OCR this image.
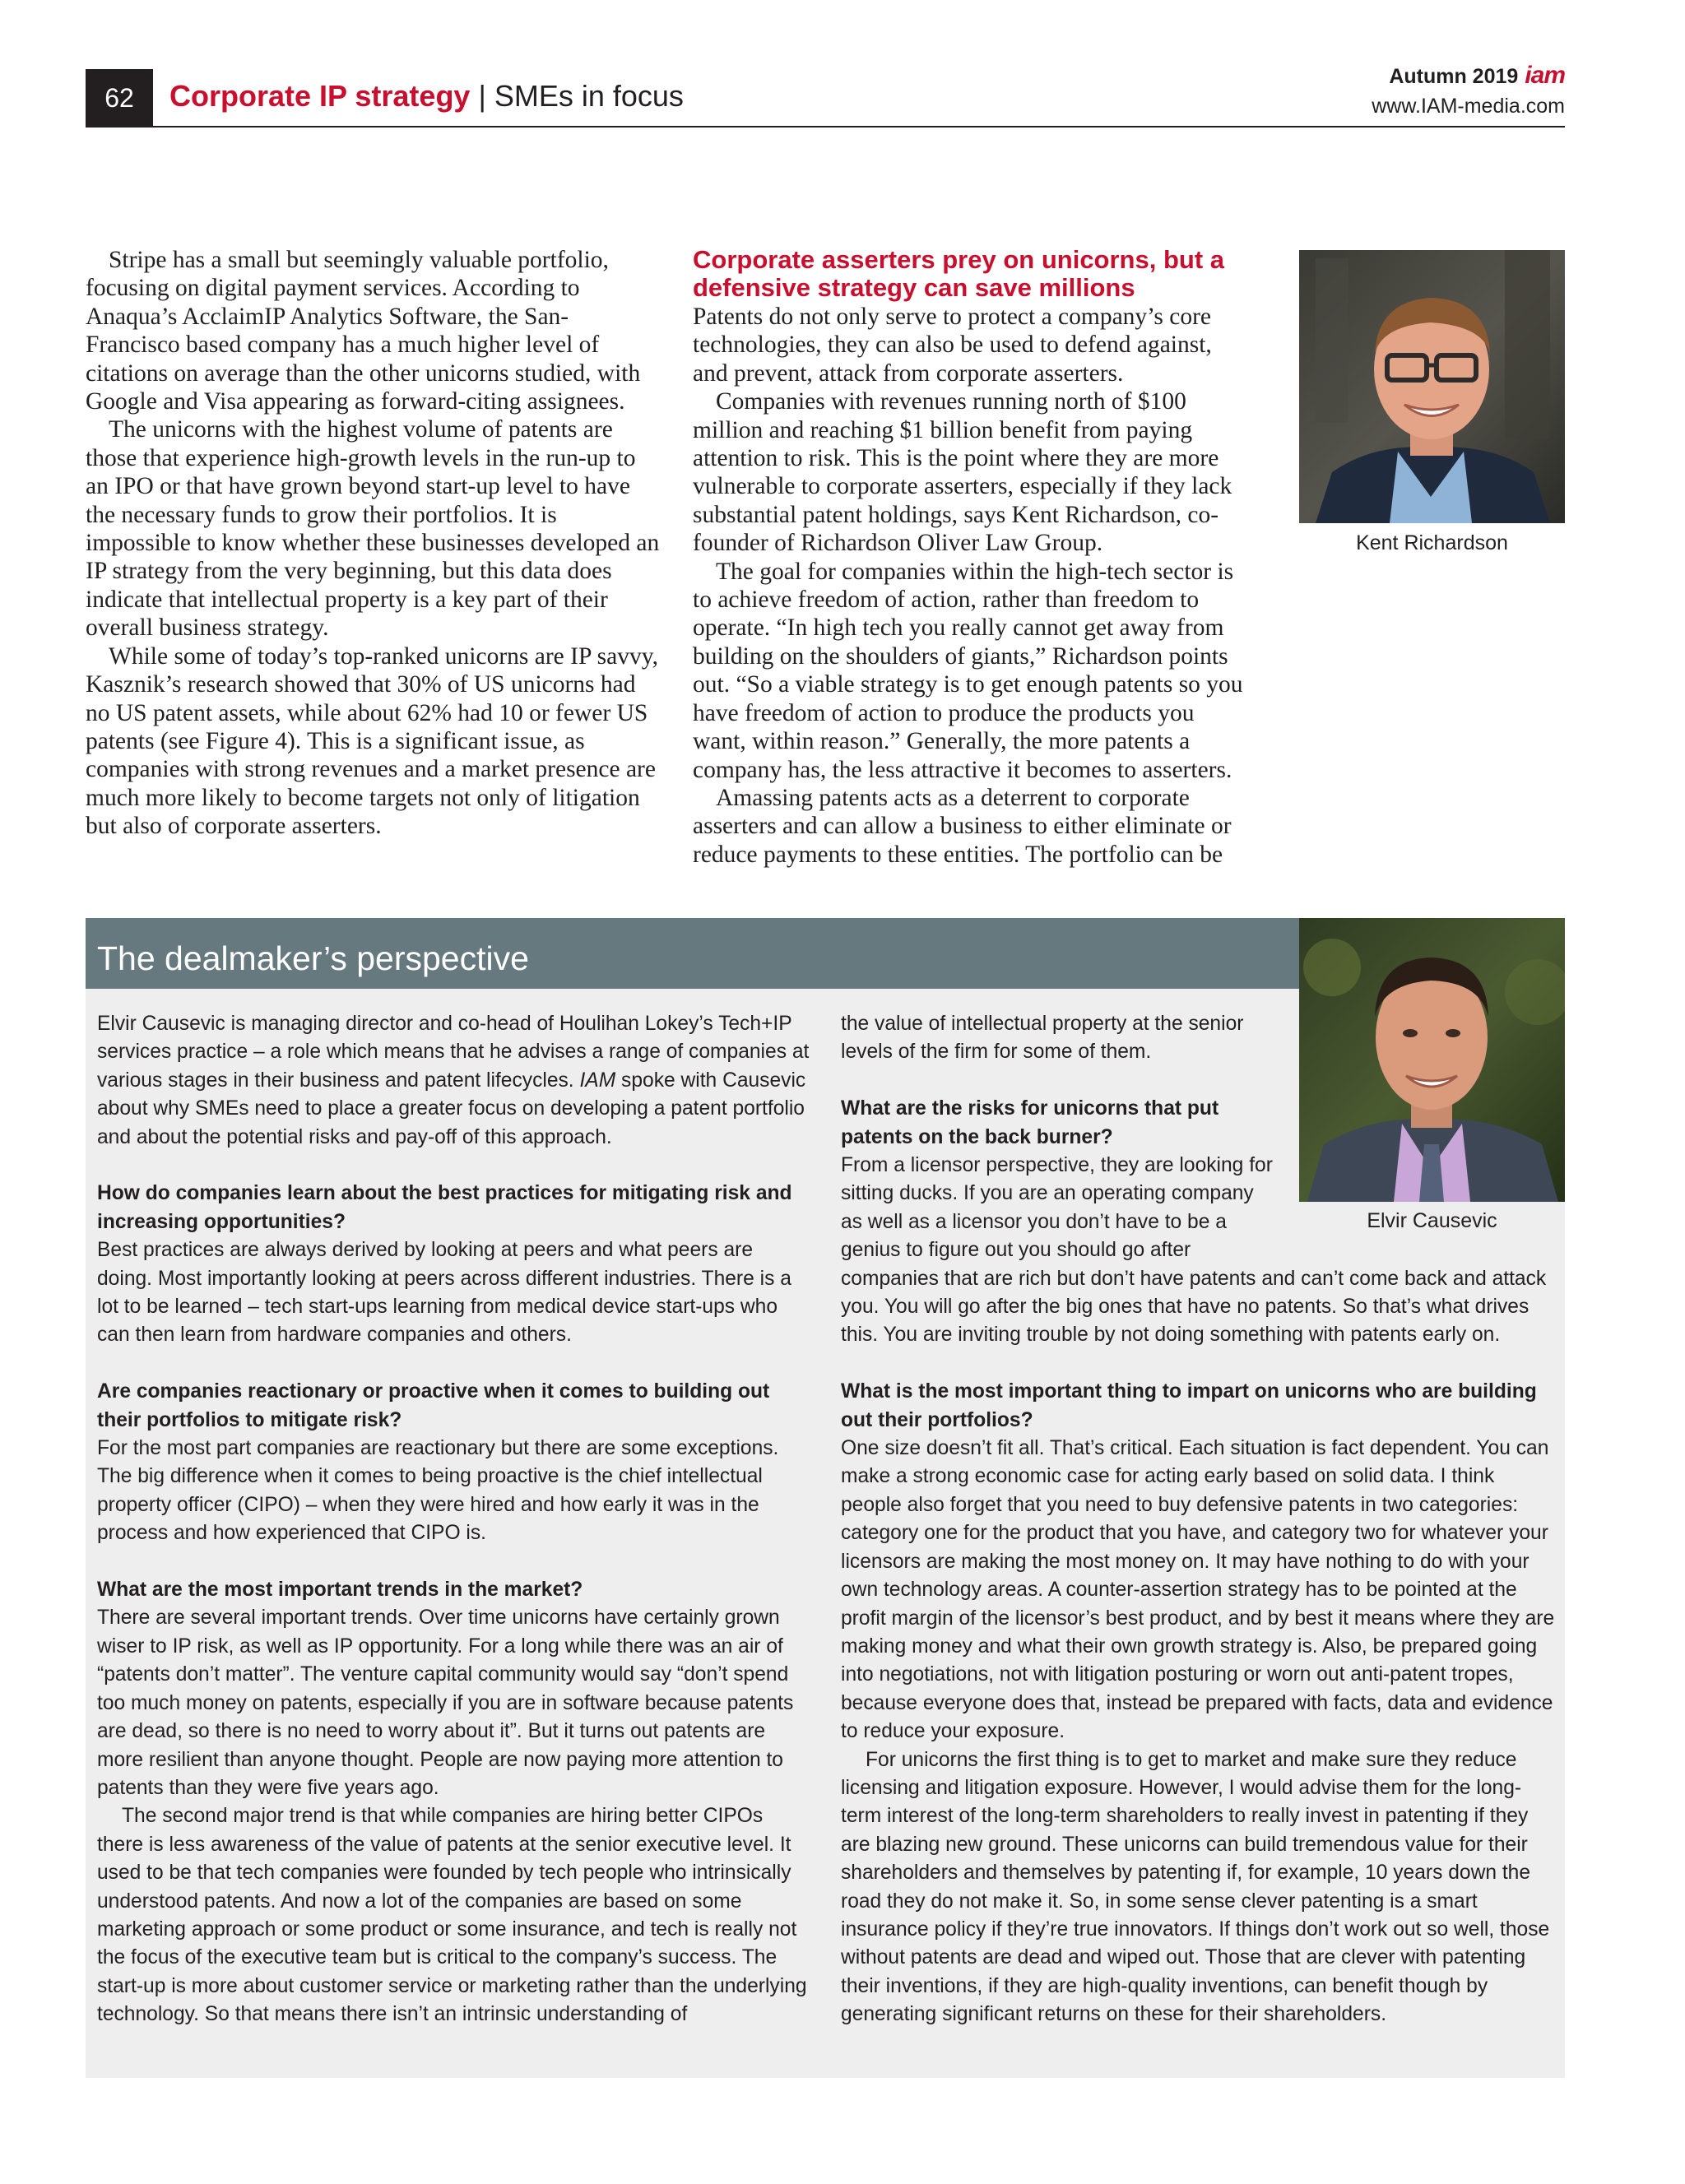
62	Corporate IP strategy | SMEs in focus
Autumn 2019 iam
www.IAM-media.com

Stripe has a small but seemingly valuable portfolio, focusing on digital payment services. According to Anaqua’s AcclaimIP Analytics Software, the San-Francisco based company has a much higher level of citations on average than the other unicorns studied, with Google and Visa appearing as forward-citing assignees.

The unicorns with the highest volume of patents are those that experience high-growth levels in the run-up to an IPO or that have grown beyond start-up level to have the necessary funds to grow their portfolios. It is impossible to know whether these businesses developed an IP strategy from the very beginning, but this data does indicate that intellectual property is a key part of their overall business strategy.

While some of today’s top-ranked unicorns are IP savvy, Kasznik’s research showed that 30% of US unicorns had no US patent assets, while about 62% had 10 or fewer US patents (see Figure 4). This is a significant issue, as companies with strong revenues and a market presence are much more likely to become targets not only of litigation but also of corporate asserters.

Corporate asserters prey on unicorns, but a defensive strategy can save millions

Patents do not only serve to protect a company’s core technologies, they can also be used to defend against, and prevent, attack from corporate asserters.

Companies with revenues running north of $100 million and reaching $1 billion benefit from paying attention to risk. This is the point where they are more vulnerable to corporate asserters, especially if they lack substantial patent holdings, says Kent Richardson, co-founder of Richardson Oliver Law Group.

The goal for companies within the high-tech sector is to achieve freedom of action, rather than freedom to operate. “In high tech you really cannot get away from building on the shoulders of giants,” Richardson points out. “So a viable strategy is to get enough patents so you have freedom of action to produce the products you want, within reason.” Generally, the more patents a company has, the less attractive it becomes to asserters.

Amassing patents acts as a deterrent to corporate asserters and can allow a business to either eliminate or reduce payments to these entities. The portfolio can be

Kent Richardson
The dealmaker’s perspective
Elvir Causevic

Elvir Causevic is managing director and co-head of Houlihan Lokey’s Tech+IP services practice – a role which means that he advises a range of companies at various stages in their business and patent lifecycles. IAM spoke with Causevic about why SMEs need to place a greater focus on developing a patent portfolio and about the potential risks and pay-off of this approach.

How do companies learn about the best practices for mitigating risk and increasing opportunities?

Best practices are always derived by looking at peers and what peers are doing. Most importantly looking at peers across different industries. There is a lot to be learned – tech start-ups learning from medical device start-ups who can then learn from hardware companies and others.

Are companies reactionary or proactive when it comes to building out their portfolios to mitigate risk?

For the most part companies are reactionary but there are some exceptions. The big difference when it comes to being proactive is the chief intellectual property officer (CIPO) – when they were hired and how early it was in the process and how experienced that CIPO is.

What are the most important trends in the market?

There are several important trends. Over time unicorns have certainly grown wiser to IP risk, as well as IP opportunity. For a long while there was an air of “patents don’t matter”. The venture capital community would say “don’t spend too much money on patents, especially if you are in software because patents are dead, so there is no need to worry about it”. But it turns out patents are more resilient than anyone thought. People are now paying more attention to patents than they were five years ago.

The second major trend is that while companies are hiring better CIPOs there is less awareness of the value of patents at the senior executive level. It used to be that tech companies were founded by tech people who intrinsically understood patents. And now a lot of the companies are based on some marketing approach or some product or some insurance, and tech is really not the focus of the executive team but is critical to the company’s success. The start-up is more about customer service or marketing rather than the underlying technology. So that means there isn’t an intrinsic understanding of

the value of intellectual property at the senior levels of the firm for some of them.

What are the risks for unicorns that put patents on the back burner?

From a licensor perspective, they are looking for sitting ducks. If you are an operating company as well as a licensor you don’t have to be a genius to figure out you should go after

companies that are rich but don’t have patents and can’t come back and attack you. You will go after the big ones that have no patents. So that’s what drives this. You are inviting trouble by not doing something with patents early on.

What is the most important thing to impart on unicorns who are building out their portfolios?

One size doesn’t fit all. That’s critical. Each situation is fact dependent. You can make a strong economic case for acting early based on solid data. I think people also forget that you need to buy defensive patents in two categories: category one for the product that you have, and category two for whatever your licensors are making the most money on. It may have nothing to do with your own technology areas. A counter-assertion strategy has to be pointed at the profit margin of the licensor’s best product, and by best it means where they are making money and what their own growth strategy is. Also, be prepared going into negotiations, not with litigation posturing or worn out anti-patent tropes, because everyone does that, instead be prepared with facts, data and evidence to reduce your exposure.

For unicorns the first thing is to get to market and make sure they reduce licensing and litigation exposure. However, I would advise them for the long-term interest of the long-term shareholders to really invest in patenting if they are blazing new ground. These unicorns can build tremendous value for their shareholders and themselves by patenting if, for example, 10 years down the road they do not make it. So, in some sense clever patenting is a smart insurance policy if they’re true innovators. If things don’t work out so well, those without patents are dead and wiped out. Those that are clever with patenting their inventions, if they are high-quality inventions, can benefit though by generating significant returns on these for their shareholders.
